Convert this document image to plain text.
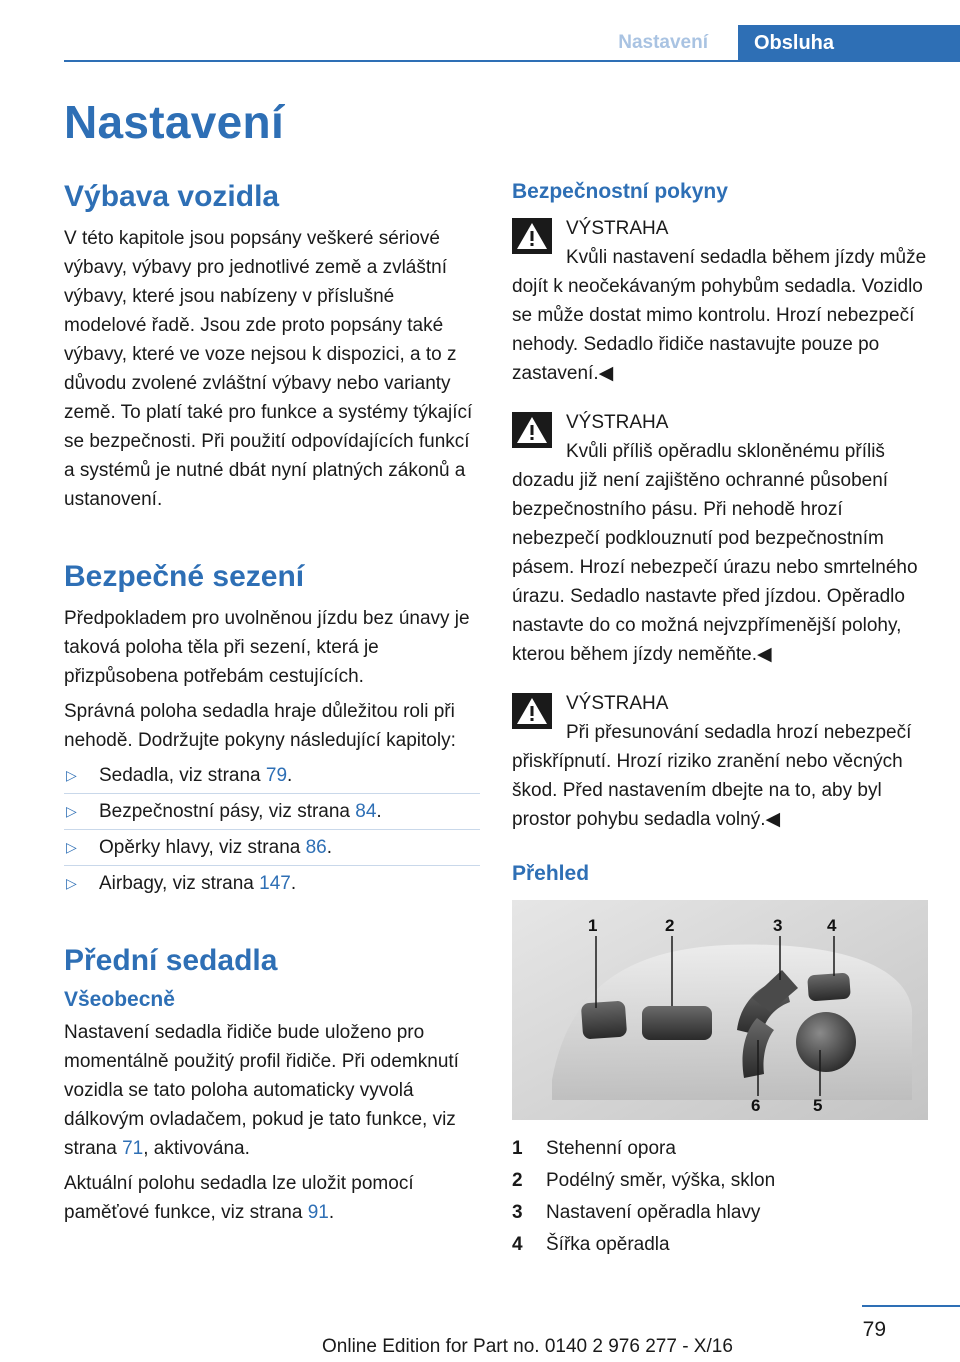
Nastavení	Obsluha
Nastavení
Výbava vozidla

V této kapitole jsou popsány veškeré sériové výbavy, výbavy pro jednotlivé země a zvláštní výbavy, které jsou nabízeny v příslušné modelové řadě. Jsou zde proto popsány také výbavy, které ve voze nejsou k dispozici, a to z důvodu zvolené zvláštní výbavy nebo varianty země. To platí také pro funkce a systémy týkající se bezpečnosti. Při použití odpovídajících funkcí a systémů je nutné dbát nyní platných zákonů a ustanovení.

Bezpečné sezení

Předpokladem pro uvolněnou jízdu bez únavy je taková poloha těla při sezení, která je přizpůsobena potřebám cestujících.

Správná poloha sedadla hraje důležitou roli při nehodě. Dodržujte pokyny následující kapitoly:

▷ Sedadla, viz strana 79.
▷ Bezpečnostní pásy, viz strana 84.
▷ Opěrky hlavy, viz strana 86.
▷ Airbagy, viz strana 147.
Přední sedadla
Všeobecně

Nastavení sedadla řidiče bude uloženo pro momentálně použitý profil řidiče. Při odemknutí vozidla se tato poloha automaticky vyvolá dálkovým ovladačem, pokud je tato funkce, viz strana 71, aktivována.

Aktuální polohu sedadla lze uložit pomocí paměťové funkce, viz strana 91.

Bezpečnostní pokyny
VÝSTRAHA
Kvůli nastavení sedadla během jízdy může dojít k neočekávaným pohybům sedadla. Vozidlo se může dostat mimo kontrolu. Hrozí nebezpečí nehody. Sedadlo řidiče nastavujte pouze po zastavení.◀
VÝSTRAHA
Kvůli příliš opěradlu skloněnému příliš dozadu již není zajištěno ochranné působení bezpečnostního pásu. Při nehodě hrozí nebezpečí podklouznutí pod bezpečnostním pásem. Hrozí nebezpečí úrazu nebo smrtelného úrazu. Sedadlo nastavte před jízdou. Opěradlo nastavte do co možná nejvzpřímenější polohy, kterou během jízdy neměňte.◀
VÝSTRAHA
Při přesunování sedadla hrozí nebezpečí přiskřípnutí. Hrozí riziko zranění nebo věcných škod. Před nastavením dbejte na to, aby byl prostor pohybu sedadla volný.◀
Přehled
1	2	3	4
5
6
1 Stehenní opora
2 Podélný směr, výška, sklon
3 Nastavení opěradla hlavy
4 Šířka opěradla
79
Online Edition for Part no. 0140 2 976 277 - X/16
